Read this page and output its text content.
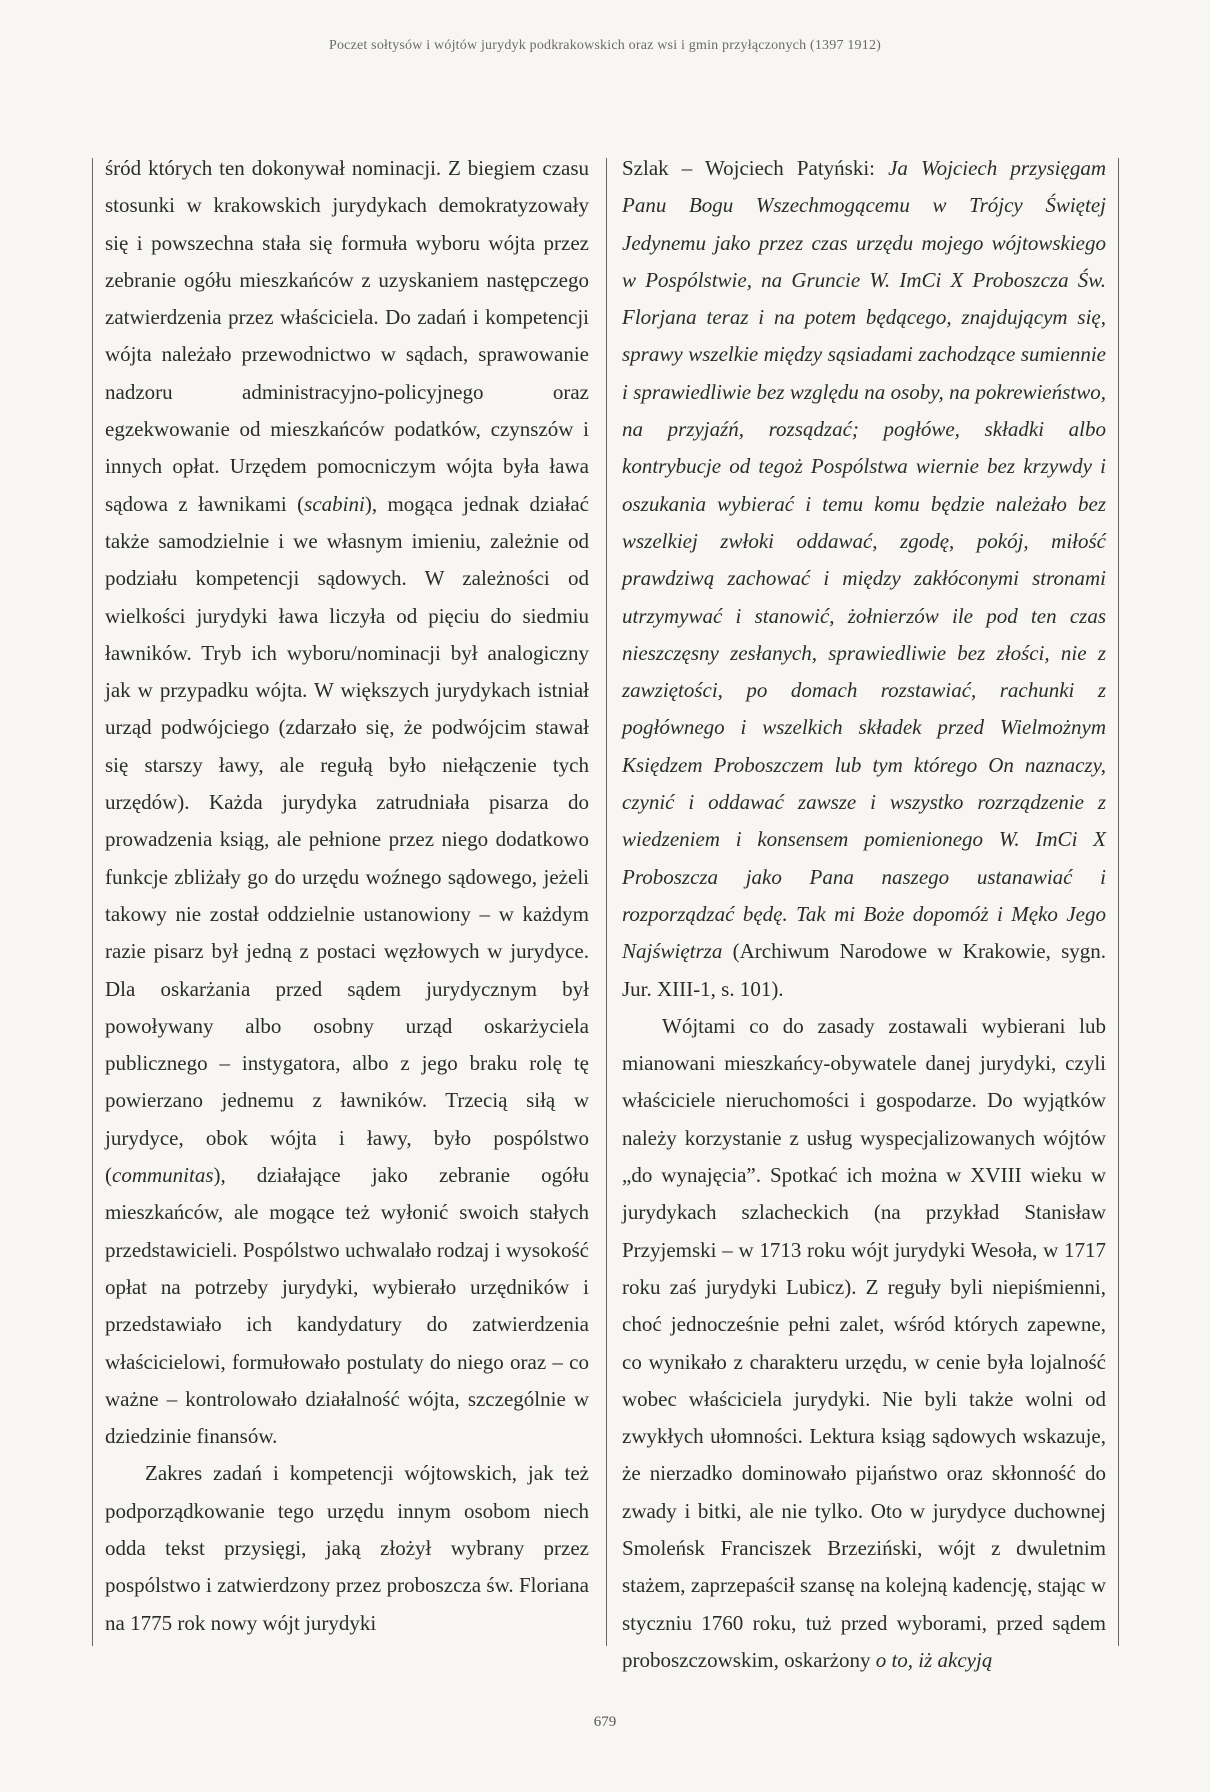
Poczet sołtysów i wójtów jurydyk podkrakowskich oraz wsi i gmin przyłączonych (1397 1912)

śród których ten dokonywał nominacji. Z biegiem czasu stosunki w krakowskich jurydykach demokratyzowały się i powszechna stała się formuła wyboru wójta przez zebranie ogółu mieszkańców z uzyskaniem następczego zatwierdzenia przez właściciela. Do zadań i kompetencji wójta należało przewodnictwo w sądach, sprawowanie nadzoru administracyjno-policyjnego oraz egzekwowanie od mieszkańców podatków, czynszów i innych opłat. Urzędem pomocniczym wójta była ława sądowa z ławnikami (scabini), mogąca jednak działać także samodzielnie i we własnym imieniu, zależnie od podziału kompetencji sądowych. W zależności od wielkości jurydyki ława liczyła od pięciu do siedmiu ławników. Tryb ich wyboru/nominacji był analogiczny jak w przypadku wójta. W większych jurydykach istniał urząd podwójciego (zdarzało się, że podwójcim stawał się starszy ławy, ale regułą było niełączenie tych urzędów). Każda jurydyka zatrudniała pisarza do prowadzenia ksiąg, ale pełnione przez niego dodatkowo funkcje zbliżały go do urzędu woźnego sądowego, jeżeli takowy nie został oddzielnie ustanowiony – w każdym razie pisarz był jedną z postaci węzłowych w jurydyce. Dla oskarżania przed sądem jurydycznym był powoływany albo osobny urząd oskarżyciela publicznego – instygatora, albo z jego braku rolę tę powierzano jednemu z ławników. Trzecią siłą w jurydyce, obok wójta i ławy, było pospólstwo (communitas), działające jako zebranie ogółu mieszkańców, ale mogące też wyłonić swoich stałych przedstawicieli. Pospólstwo uchwalało rodzaj i wysokość opłat na potrzeby jurydyki, wybierało urzędników i przedstawiało ich kandydatury do zatwierdzenia właścicielowi, formułowało postulaty do niego oraz – co ważne – kontrolowało działalność wójta, szczególnie w dziedzinie finansów.

Zakres zadań i kompetencji wójtowskich, jak też podporządkowanie tego urzędu innym osobom niech odda tekst przysięgi, jaką złożył wybrany przez pospólstwo i zatwierdzony przez proboszcza św. Floriana na 1775 rok nowy wójt jurydyki

Szlak – Wojciech Patyński: Ja Wojciech przysięgam Panu Bogu Wszechmogącemu w Trójcy Świętej Jedynemu jako przez czas urzędu mojego wójtowskiego w Pospólstwie, na Gruncie W. ImCi X Proboszcza Św. Florjana teraz i na potem będącego, znajdującym się, sprawy wszelkie między sąsiadami zachodzące sumiennie i sprawiedliwie bez względu na osoby, na pokrewieństwo, na przyjaźń, rozsądzać; pogłówe, składki albo kontrybucje od tegoż Pospólstwa wiernie bez krzywdy i oszukania wybierać i temu komu będzie należało bez wszelkiej zwłoki oddawać, zgodę, pokój, miłość prawdziwą zachować i między zakłóconymi stronami utrzymywać i stanowić, żołnierzów ile pod ten czas nieszczęsny zesłanych, sprawiedliwie bez złości, nie z zawziętości, po domach rozstawiać, rachunki z pogłównego i wszelkich składek przed Wielmożnym Księdzem Proboszczem lub tym którego On naznaczy, czynić i oddawać zawsze i wszystko rozrządzenie z wiedzeniem i konsensem pomienionego W. ImCi X Proboszcza jako Pana naszego ustanawiać i rozporządzać będę. Tak mi Boże dopomóż i Męko Jego Najświętrza (Archiwum Narodowe w Krakowie, sygn. Jur. XIII-1, s. 101).

Wójtami co do zasady zostawali wybierani lub mianowani mieszkańcy-obywatele danej jurydyki, czyli właściciele nieruchomości i gospodarze. Do wyjątków należy korzystanie z usług wyspecjalizowanych wójtów „do wynajęcia”. Spotkać ich można w XVIII wieku w jurydykach szlacheckich (na przykład Stanisław Przyjemski – w 1713 roku wójt jurydyki Wesoła, w 1717 roku zaś jurydyki Lubicz). Z reguły byli niepiśmienni, choć jednocześnie pełni zalet, wśród których zapewne, co wynikało z charakteru urzędu, w cenie była lojalność wobec właściciela jurydyki. Nie byli także wolni od zwykłych ułomności. Lektura ksiąg sądowych wskazuje, że nierzadko dominowało pijaństwo oraz skłonność do zwady i bitki, ale nie tylko. Oto w jurydyce duchownej Smoleńsk Franciszek Brzeziński, wójt z dwuletnim stażem, zaprzepaścił szansę na kolejną kadencję, stając w styczniu 1760 roku, tuż przed wyborami, przed sądem proboszczowskim, oskarżony o to, iż akcyją

679
